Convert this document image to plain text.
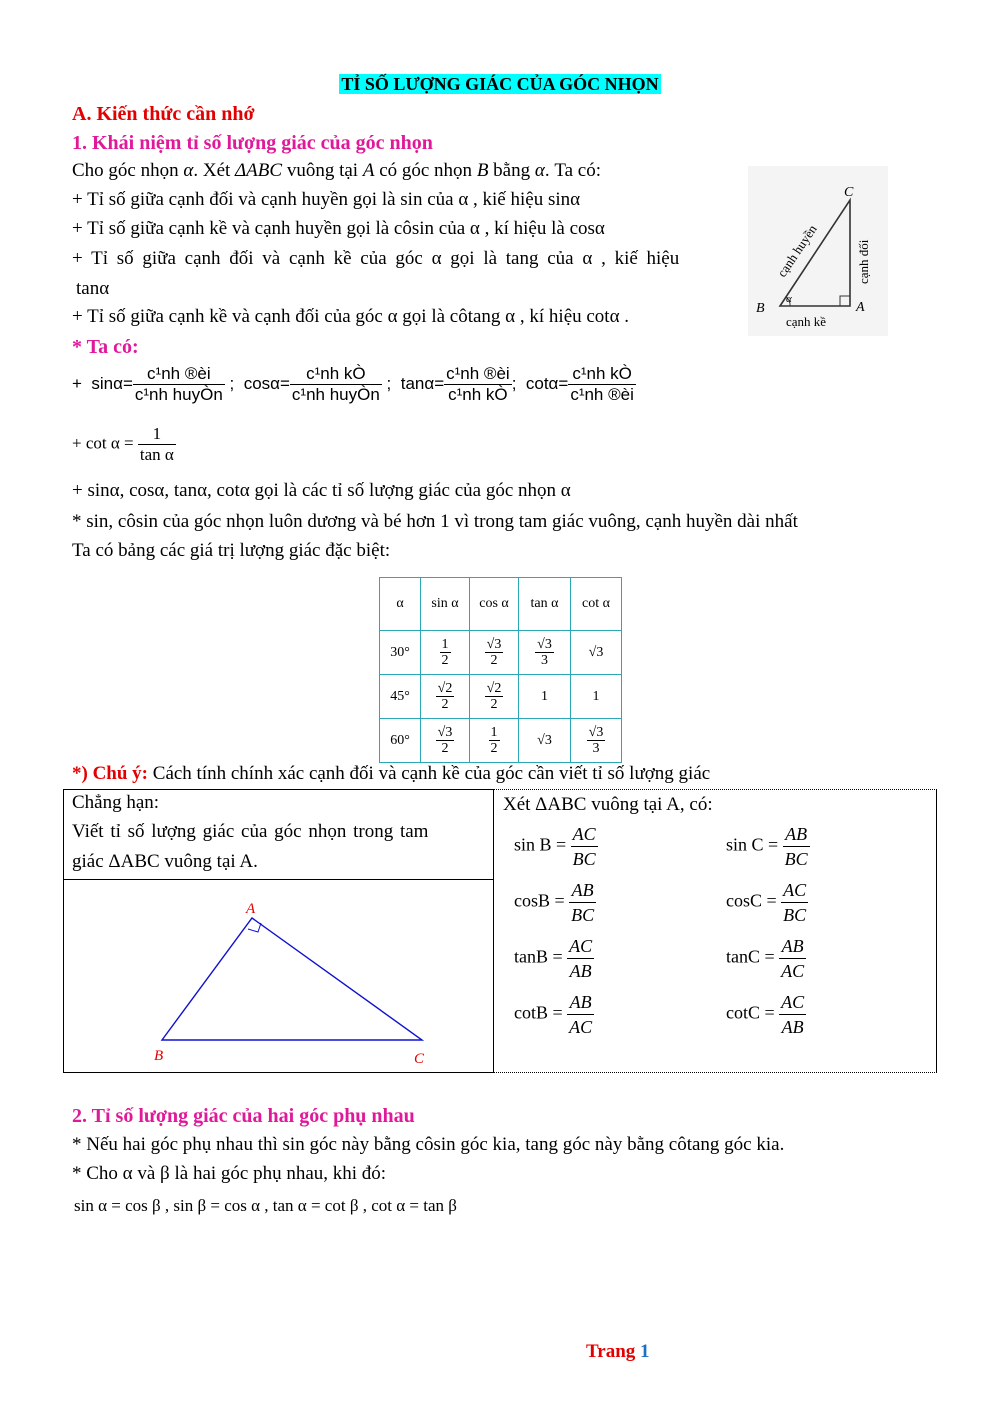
TỈ SỐ LƯỢNG GIÁC CỦA GÓC NHỌN
A. Kiến thức cần nhớ
1. Khái niệm tỉ số lượng giác của góc nhọn
Cho góc nhọn α. Xét ΔABC vuông tại A có góc nhọn B bằng α. Ta có:
+ Tỉ số giữa cạnh đối và cạnh huyền gọi là sin của α , kiế hiệu sinα
+ Tỉ số giữa cạnh kề và cạnh huyền gọi là côsin của α , kí hiệu là cosα
+ Tỉ số giữa cạnh đối và cạnh kề của góc α gọi là tang của α , kiế hiệu
tanα
+ Tỉ số giữa cạnh kề và cạnh đối của góc α gọi là côtang α , kí hiệu cotα .
C
B	A
α
cạnh huyền	cạnh đối
cạnh kề
* Ta có:
+ $\sin\alpha= \frac{\text{c¹nh ®èi}}{\text{c¹nh huyÒn}}$ ; $\cos\alpha= \frac{\text{c¹nh kÒ}}{\text{c¹nh huyÒn}}$ ; $\tan\alpha= \frac{\text{c¹nh ®èi}}{\text{c¹nh kÒ}}$ ; $\cot\alpha= \frac{\text{c¹nh kÒ}}{\text{c¹nh ®èi}}$
+ $\cot \alpha = \frac{1}{\text{tan α}}$
+ sinα, cosα, tanα, cotα gọi là các tỉ số lượng giác của góc nhọn α
* sin, côsin của góc nhọn luôn dương và bé hơn 1 vì trong tam giác vuông, cạnh huyền dài nhất
Ta có bảng các giá trị lượng giác đặc biệt:
α	sin α	cos α	tan α	cot α
30°	$\frac{1}{2}$	$\frac{√3}{2}$	$\frac{√3}{3}$	√3
45°	$\frac{√2}{2}$	$\frac{√2}{2}$	1	1
60°	$\frac{√3}{2}$	$\frac{1}{2}$	√3	$\frac{√3}{3}$
*) Chú ý: Cách tính chính xác cạnh đối và cạnh kề của góc cần viết tỉ số lượng giác
Chẳng hạn:
Viết tỉ số lượng giác của góc nhọn trong tam
giác ΔABC vuông tại A.
A
B	C
Xét ΔABC vuông tại A, có:
$\sin B = \frac{AC}{BC}$	$\sin C = \frac{AB}{BC}$
$\cos B = \frac{AB}{BC}$	$\cos C = \frac{AC}{BC}$
$\tan B = \frac{AC}{AB}$	$\tan C = \frac{AB}{AC}$
$\cot B = \frac{AB}{AC}$	$\cot C = \frac{AC}{AB}$
2. Tỉ số lượng giác của hai góc phụ nhau
* Nếu hai góc phụ nhau thì sin góc này bằng côsin góc kia, tang góc này bằng côtang góc kia.
* Cho α và β là hai góc phụ nhau, khi đó:
sin α = cos β , sin β = cos α , tan α = cot β , cot α = tan β
Trang 1
